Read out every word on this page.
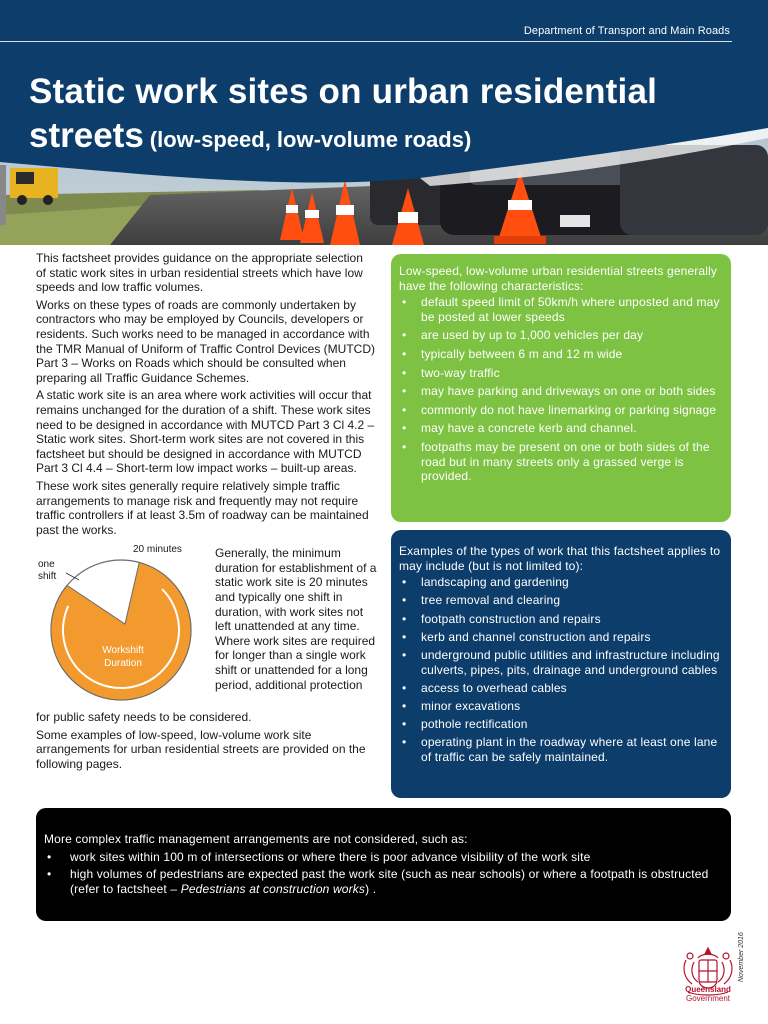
Department of Transport and Main Roads
Static work sites on urban residential
streets (low-speed, low-volume roads)

This factsheet provides guidance on the appropriate selection of static work sites in urban residential streets which have low speeds and low traffic volumes.

Works on these types of roads are commonly undertaken by contractors who may be employed by Councils, developers or residents. Such works need to be managed in accordance with the TMR Manual of Uniform of Traffic Control Devices (MUTCD) Part 3 – Works on Roads which should be consulted when preparing all Traffic Guidance Schemes.

A static work site is an area where work activities will occur that remains unchanged for the duration of a shift. These work sites need to be designed in accordance with MUTCD Part 3 Cl 4.2 – Static work sites. Short-term work sites are not covered in this factsheet but should be designed in accordance with MUTCD Part 3 Cl 4.4 – Short-term low impact works – built-up areas.

These work sites generally require relatively simple traffic arrangements to manage risk and frequently may not require traffic controllers if at least 3.5m of roadway can be maintained past the works.

20 minutes
one
shift
Workshift
Duration
Generally, the minimum duration for establishment of a static work site is 20 minutes and typically one shift in duration, with work sites not left unattended at any time. Where work sites are required for longer than a single work shift or unattended for a long period, additional protection

for public safety needs to be considered.

Some examples of low-speed, low-volume work site arrangements for urban residential streets are provided on the following pages.

Low-speed, low-volume urban residential streets generally have the following characteristics:
• default speed limit of 50km/h where unposted and may be posted at lower speeds
• are used by up to 1,000 vehicles per day
• typically between 6 m and 12 m wide
• two-way traffic
• may have parking and driveways on one or both sides
• commonly do not have linemarking or parking signage
• may have a concrete kerb and channel.
• footpaths may be present on one or both sides of the road but in many streets only a grassed verge is provided.
Examples of the types of work that this factsheet applies to may include (but is not limited to):
• landscaping and gardening
• tree removal and clearing
• footpath construction and repairs
• kerb and channel construction and repairs
• underground public utilities and infrastructure including culverts, pipes, pits, drainage and underground cables
• access to overhead cables
• minor excavations
• pothole rectification
• operating plant in the roadway where at least one lane of traffic can be safely maintained.
More complex traffic management arrangements are not considered, such as:
• work sites within 100 m of intersections or where there is poor advance visibility of the work site
• high volumes of pedestrians are expected past the work site (such as near schools) or where a footpath is obstructed (refer to factsheet – Pedestrians at construction works) .
November 2016
Queensland
Government
